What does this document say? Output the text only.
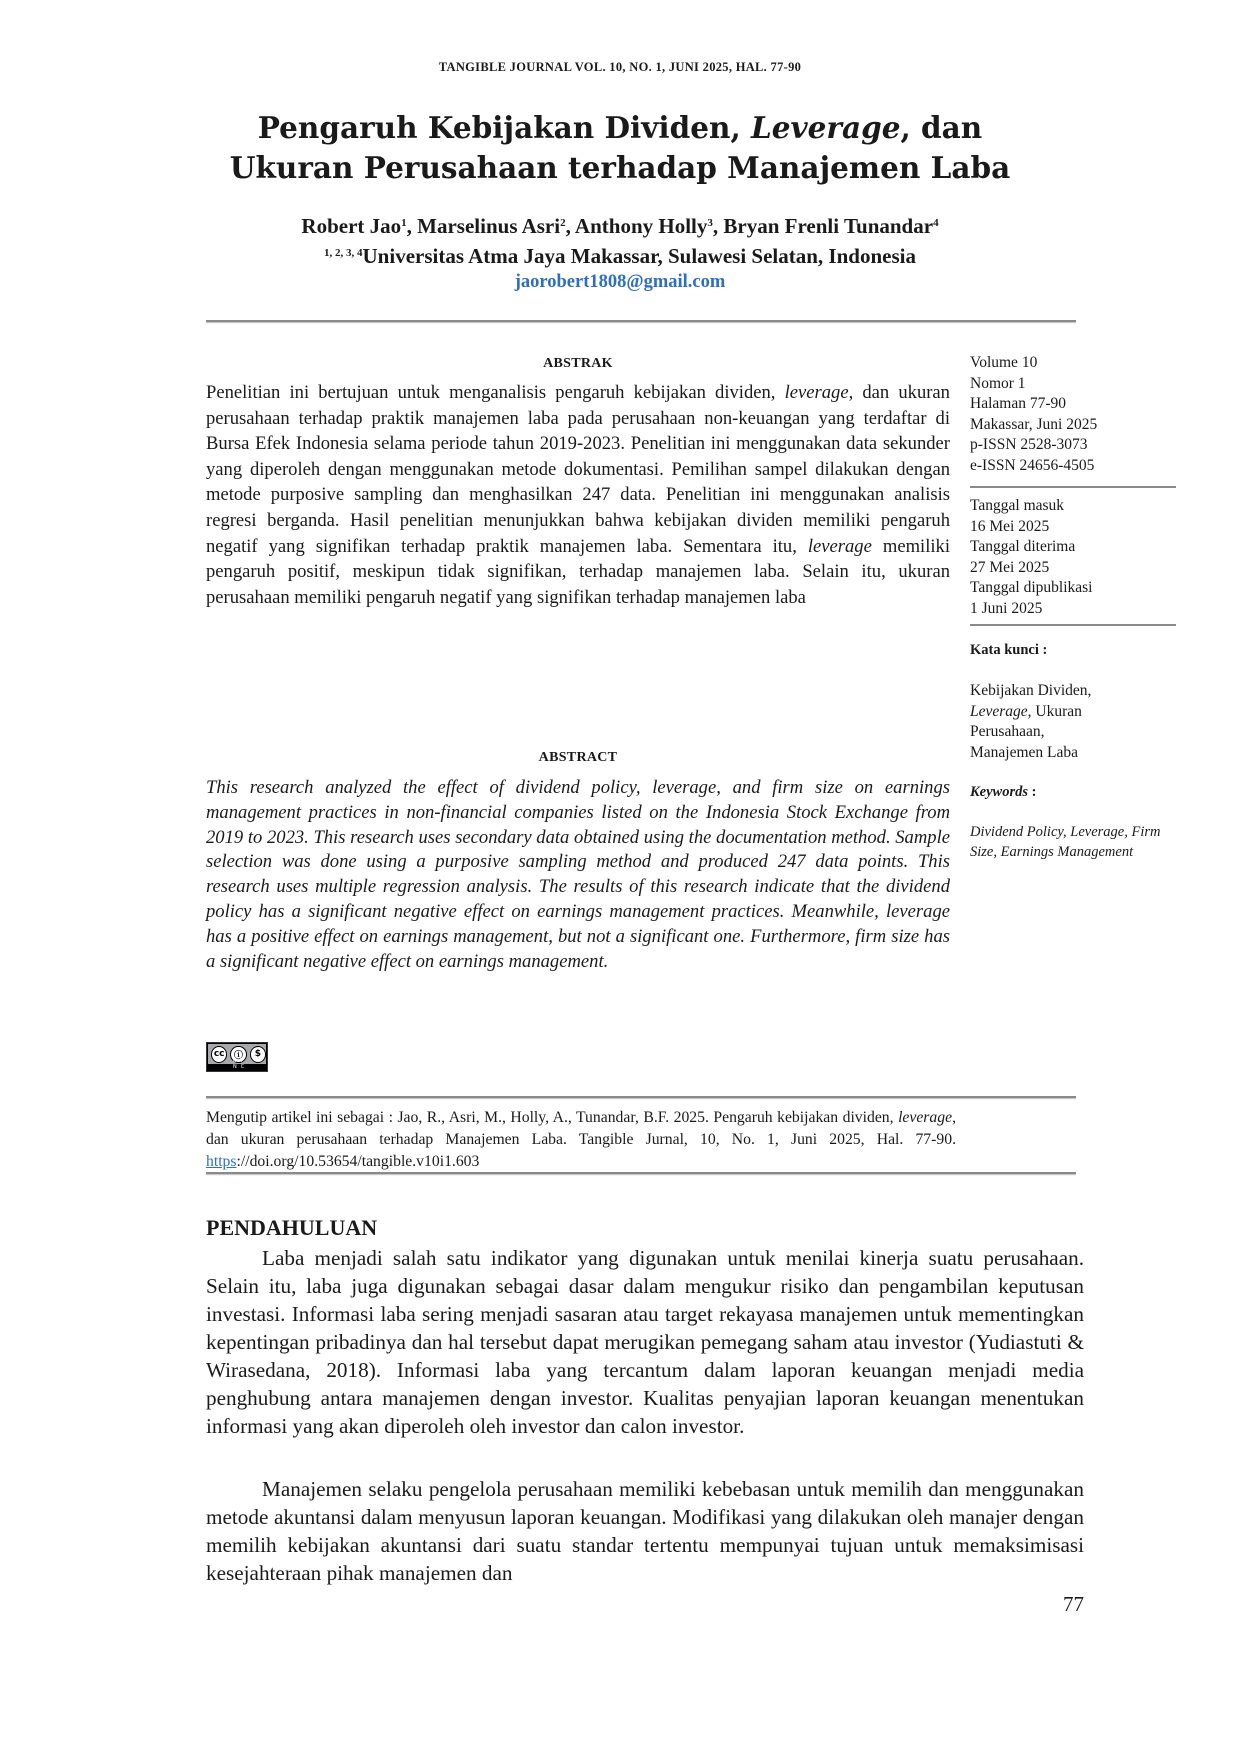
TANGIBLE JOURNAL VOL. 10, NO. 1, JUNI 2025, HAL. 77-90
Pengaruh Kebijakan Dividen, Leverage, dan
Ukuran Perusahaan terhadap Manajemen Laba
Robert Jao$^1$, Marselinus Asri$^2$, Anthony Holly$^3$, Bryan Frenli Tunandar$^4$
$^{1, 2, 3, 4}$Universitas Atma Jaya Makassar, Sulawesi Selatan, Indonesia
jaorobert1808@gmail.com
ABSTRAK
Penelitian ini bertujuan untuk menganalisis pengaruh kebijakan dividen, leverage, dan ukuran perusahaan terhadap praktik manajemen laba pada perusahaan non-keuangan yang terdaftar di Bursa Efek Indonesia selama periode tahun 2019-2023. Penelitian ini menggunakan data sekunder yang diperoleh dengan menggunakan metode dokumentasi. Pemilihan sampel dilakukan dengan metode purposive sampling dan menghasilkan 247 data. Penelitian ini menggunakan analisis regresi berganda. Hasil penelitian menunjukkan bahwa kebijakan dividen memiliki pengaruh negatif yang signifikan terhadap praktik manajemen laba. Sementara itu, leverage memiliki pengaruh positif, meskipun tidak signifikan, terhadap manajemen laba. Selain itu, ukuran perusahaan memiliki pengaruh negatif yang signifikan terhadap manajemen laba
ABSTRACT
This research analyzed the effect of dividend policy, leverage, and firm size on earnings management practices in non-financial companies listed on the Indonesia Stock Exchange from 2019 to 2023. This research uses secondary data obtained using the documentation method. Sample selection was done using a purposive sampling method and produced 247 data points. This research uses multiple regression analysis. The results of this research indicate that the dividend policy has a significant negative effect on earnings management practices. Meanwhile, leverage has a positive effect on earnings management, but not a significant one. Furthermore, firm size has a significant negative effect on earnings management.
Volume 10
Nomor 1
Halaman 77-90
Makassar, Juni 2025
p-ISSN 2528-3073
e-ISSN 24656-4505
Tanggal masuk
16 Mei 2025
Tanggal diterima
27 Mei 2025
Tanggal dipublikasi
1 Juni 2025
Kata kunci :
Kebijakan Dividen,
Leverage, Ukuran
Perusahaan,
Manajemen Laba
Keywords :
Dividend Policy, Leverage, Firm Size, Earnings Management
cc	ⓘ	$
BY NC
Mengutip artikel ini sebagai : Jao, R., Asri, M., Holly, A., Tunandar, B.F. 2025. Pengaruh kebijakan dividen, leverage, dan ukuran perusahaan terhadap Manajemen Laba. Tangible Jurnal, 10, No. 1, Juni 2025, Hal. 77-90. https://doi.org/10.53654/tangible.v10i1.603
PENDAHULUAN

Laba menjadi salah satu indikator yang digunakan untuk menilai kinerja suatu perusahaan. Selain itu, laba juga digunakan sebagai dasar dalam mengukur risiko dan pengambilan keputusan investasi. Informasi laba sering menjadi sasaran atau target rekayasa manajemen untuk mementingkan kepentingan pribadinya dan hal tersebut dapat merugikan pemegang saham atau investor (Yudiastuti & Wirasedana, 2018). Informasi laba yang tercantum dalam laporan keuangan menjadi media penghubung antara manajemen dengan investor. Kualitas penyajian laporan keuangan menentukan informasi yang akan diperoleh oleh investor dan calon investor.

Manajemen selaku pengelola perusahaan memiliki kebebasan untuk memilih dan menggunakan metode akuntansi dalam menyusun laporan keuangan. Modifikasi yang dilakukan oleh manajer dengan memilih kebijakan akuntansi dari suatu standar tertentu mempunyai tujuan untuk memaksimisasi kesejahteraan pihak manajemen dan

77
